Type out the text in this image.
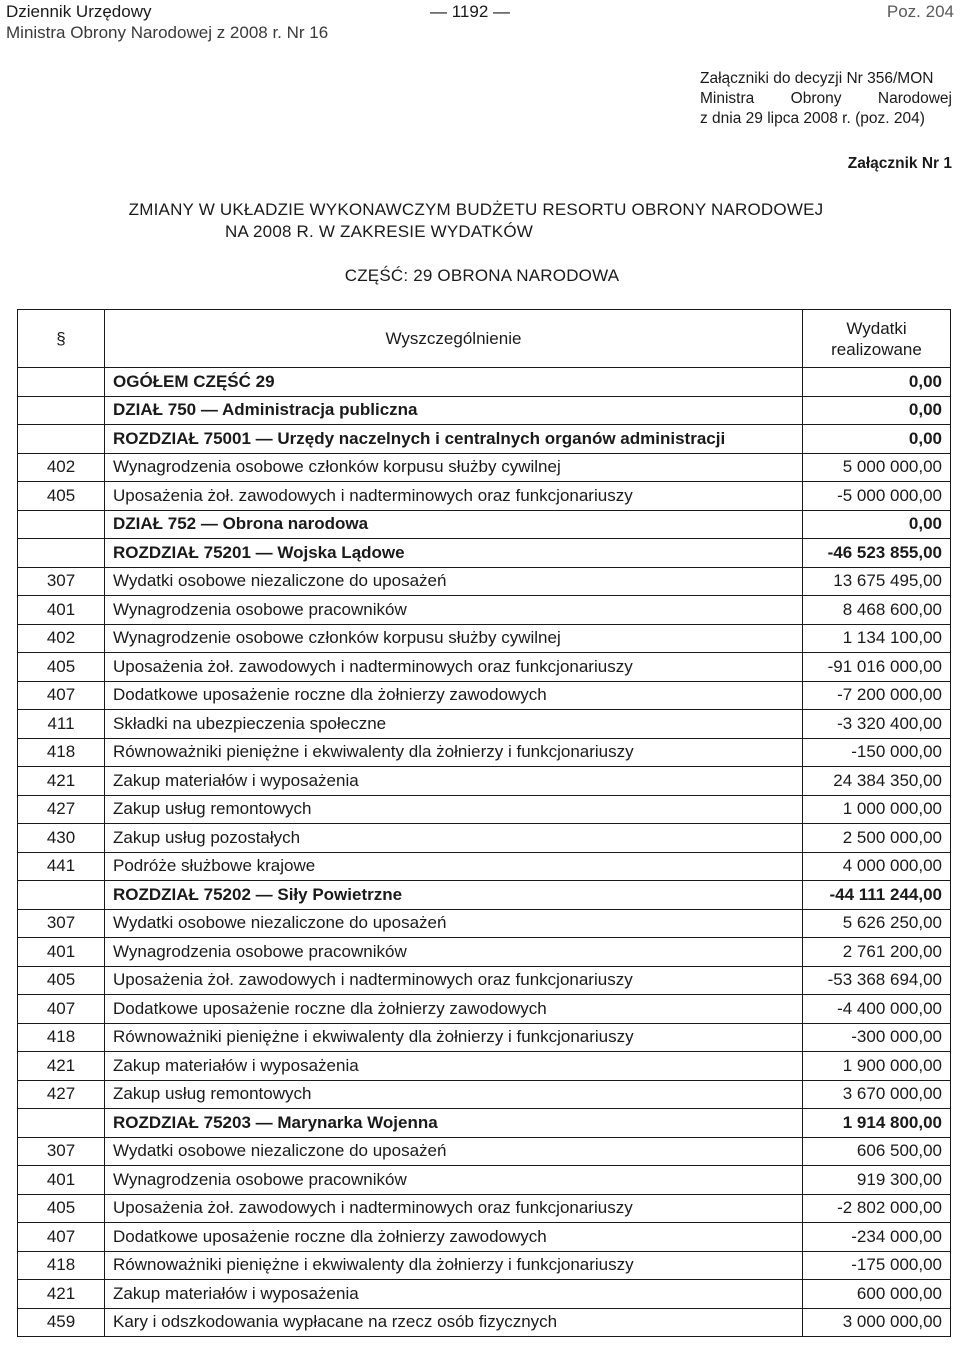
Dziennik Urzędowy
Ministra Obrony Narodowej z 2008 r. Nr 16
— 1192 —	Poz. 204
Załączniki do decyzji Nr 356/MON
Ministra Obrony Narodowej
z dnia 29 lipca 2008 r. (poz. 204)
Załącznik Nr 1
ZMIANY W UKŁADZIE WYKONAWCZYM BUDŻETU RESORTU OBRONY NARODOWEJ
NA 2008 R. W ZAKRESIE WYDATKÓW
CZĘŚĆ: 29 OBRONA NARODOWA
§	Wyszczególnienie	Wydatki
realizowane

	OGÓŁEM CZĘŚĆ 29	0,00
	DZIAŁ 750 — Administracja publiczna	0,00
	ROZDZIAŁ 75001 — Urzędy naczelnych i centralnych organów administracji	0,00
402	Wynagrodzenia osobowe członków korpusu służby cywilnej	5 000 000,00
405	Uposażenia żoł. zawodowych i nadterminowych oraz funkcjonariuszy	-5 000 000,00
	DZIAŁ 752 — Obrona narodowa	0,00
	ROZDZIAŁ 75201 — Wojska Lądowe	-46 523 855,00
307	Wydatki osobowe niezaliczone do uposażeń	13 675 495,00
401	Wynagrodzenia osobowe pracowników	8 468 600,00
402	Wynagrodzenie osobowe członków korpusu służby cywilnej	1 134 100,00
405	Uposażenia żoł. zawodowych i nadterminowych oraz funkcjonariuszy	-91 016 000,00
407	Dodatkowe uposażenie roczne dla żołnierzy zawodowych	-7 200 000,00
411	Składki na ubezpieczenia społeczne	-3 320 400,00
418	Równoważniki pieniężne i ekwiwalenty dla żołnierzy i funkcjonariuszy	-150 000,00
421	Zakup materiałów i wyposażenia	24 384 350,00
427	Zakup usług remontowych	1 000 000,00
430	Zakup usług pozostałych	2 500 000,00
441	Podróże służbowe krajowe	4 000 000,00
	ROZDZIAŁ 75202 — Siły Powietrzne	-44 111 244,00
307	Wydatki osobowe niezaliczone do uposażeń	5 626 250,00
401	Wynagrodzenia osobowe pracowników	2 761 200,00
405	Uposażenia żoł. zawodowych i nadterminowych oraz funkcjonariuszy	-53 368 694,00
407	Dodatkowe uposażenie roczne dla żołnierzy zawodowych	-4 400 000,00
418	Równoważniki pieniężne i ekwiwalenty dla żołnierzy i funkcjonariuszy	-300 000,00
421	Zakup materiałów i wyposażenia	1 900 000,00
427	Zakup usług remontowych	3 670 000,00
	ROZDZIAŁ 75203 — Marynarka Wojenna	1 914 800,00
307	Wydatki osobowe niezaliczone do uposażeń	606 500,00
401	Wynagrodzenia osobowe pracowników	919 300,00
405	Uposażenia żoł. zawodowych i nadterminowych oraz funkcjonariuszy	-2 802 000,00
407	Dodatkowe uposażenie roczne dla żołnierzy zawodowych	-234 000,00
418	Równoważniki pieniężne i ekwiwalenty dla żołnierzy i funkcjonariuszy	-175 000,00
421	Zakup materiałów i wyposażenia	600 000,00
459	Kary i odszkodowania wypłacane na rzecz osób fizycznych	3 000 000,00
